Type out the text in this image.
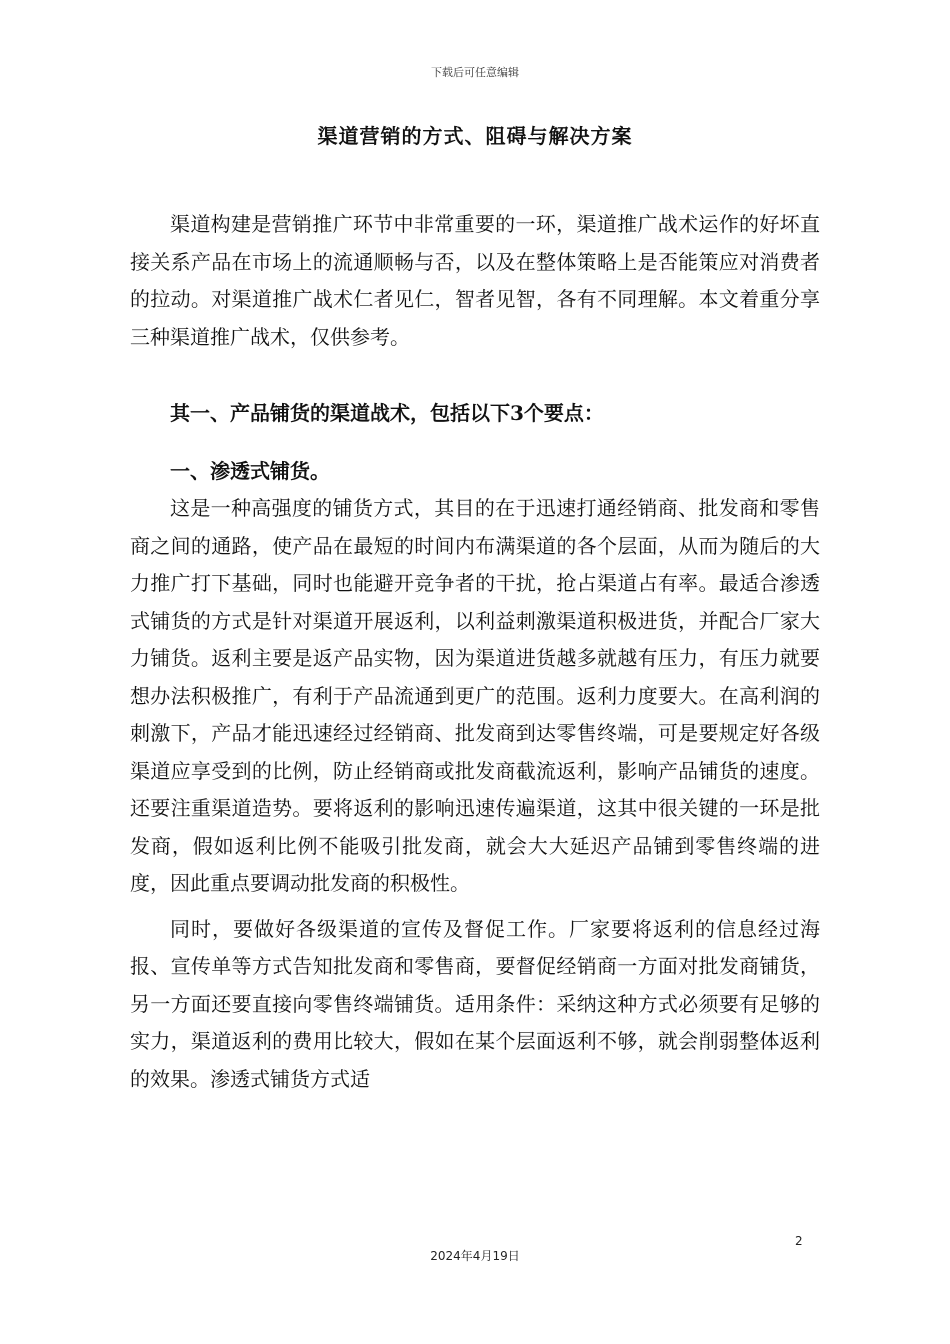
下载后可任意编辑
渠道营销的方式、阻碍与解决方案

渠道构建是营销推广环节中非常重要的一环，渠道推广战术运作的好坏直接关系产品在市场上的流通顺畅与否，以及在整体策略上是否能策应对消费者的拉动。对渠道推广战术仁者见仁，智者见智，各有不同理解。本文着重分享三种渠道推广战术，仅供参考。

其一、产品铺货的渠道战术，包括以下3个要点：

一、渗透式铺货。

这是一种高强度的铺货方式，其目的在于迅速打通经销商、批发商和零售商之间的通路，使产品在最短的时间内布满渠道的各个层面，从而为随后的大力推广打下基础，同时也能避开竞争者的干扰，抢占渠道占有率。最适合渗透式铺货的方式是针对渠道开展返利，以利益刺激渠道积极进货，并配合厂家大力铺货。返利主要是返产品实物，因为渠道进货越多就越有压力，有压力就要想办法积极推广，有利于产品流通到更广的范围。返利力度要大。在高利润的刺激下，产品才能迅速经过经销商、批发商到达零售终端，可是要规定好各级渠道应享受到的比例，防止经销商或批发商截流返利，影响产品铺货的速度。还要注重渠道造势。要将返利的影响迅速传遍渠道，这其中很关键的一环是批发商，假如返利比例不能吸引批发商，就会大大延迟产品铺到零售终端的进度，因此重点要调动批发商的积极性。

同时，要做好各级渠道的宣传及督促工作。厂家要将返利的信息经过海报、宣传单等方式告知批发商和零售商，要督促经销商一方面对批发商铺货，另一方面还要直接向零售终端铺货。适用条件：采纳这种方式必须要有足够的实力，渠道返利的费用比较大，假如在某个层面返利不够，就会削弱整体返利的效果。渗透式铺货方式适

2
2024年4月19日
